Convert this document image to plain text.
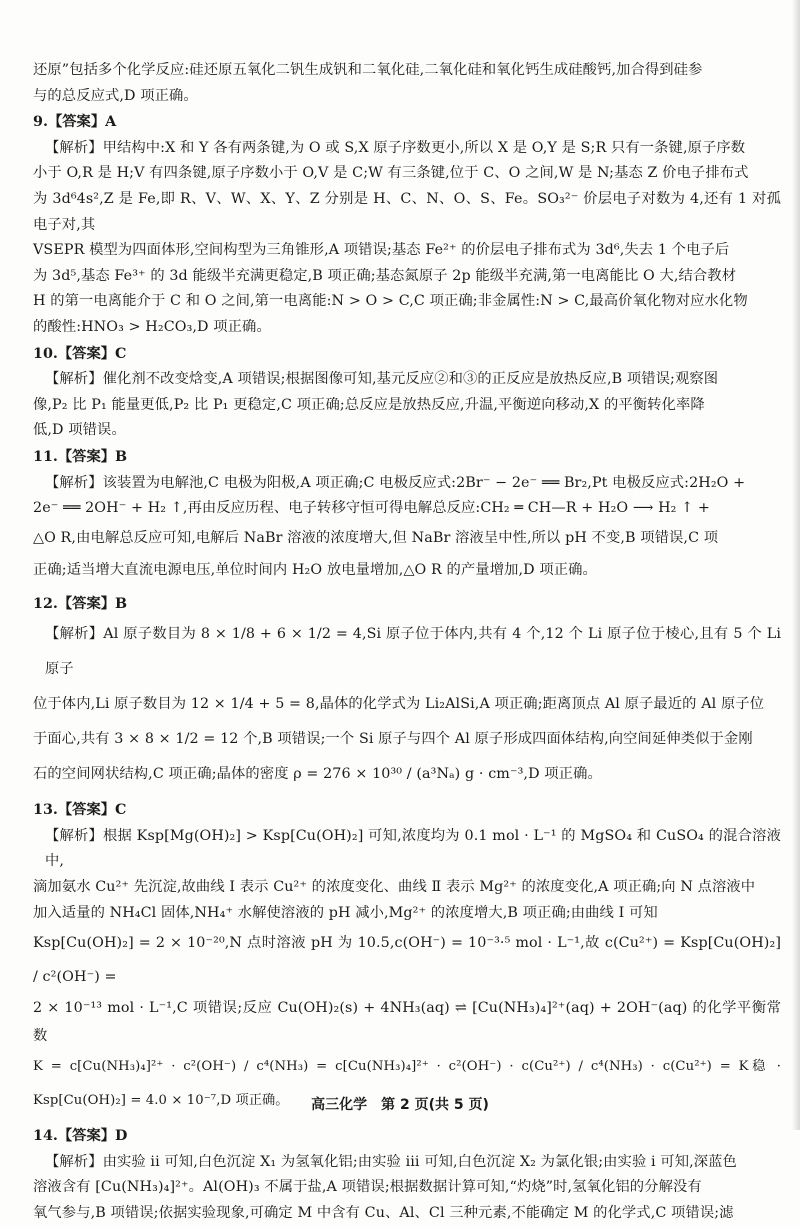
还原”包括多个化学反应:硅还原五氧化二钒生成钒和二氧化硅,二氧化硅和氧化钙生成硅酸钙,加合得到硅参

与的总反应式,D 项正确。

9.【答案】A

【解析】甲结构中:X 和 Y 各有两条键,为 O 或 S,X 原子序数更小,所以 X 是 O,Y 是 S;R 只有一条键,原子序数

小于 O,R 是 H;V 有四条键,原子序数小于 O,V 是 C;W 有三条键,位于 C、O 之间,W 是 N;基态 Z 价电子排布式

为 3d⁶4s²,Z 是 Fe,即 R、V、W、X、Y、Z 分别是 H、C、N、O、S、Fe。SO₃²⁻ 价层电子对数为 4,还有 1 对孤电子对,其

VSEPR 模型为四面体形,空间构型为三角锥形,A 项错误;基态 Fe²⁺ 的价层电子排布式为 3d⁶,失去 1 个电子后

为 3d⁵,基态 Fe³⁺ 的 3d 能级半充满更稳定,B 项正确;基态氮原子 2p 能级半充满,第一电离能比 O 大,结合教材

H 的第一电离能介于 C 和 O 之间,第一电离能:N > O > C,C 项正确;非金属性:N > C,最高价氧化物对应水化物

的酸性:HNO₃ > H₂CO₃,D 项正确。

10.【答案】C

【解析】催化剂不改变焓变,A 项错误;根据图像可知,基元反应②和③的正反应是放热反应,B 项错误;观察图

像,P₂ 比 P₁ 能量更低,P₂ 比 P₁ 更稳定,C 项正确;总反应是放热反应,升温,平衡逆向移动,X 的平衡转化率降

低,D 项错误。

11.【答案】B

【解析】该装置为电解池,C 电极为阳极,A 项正确;C 电极反应式:2Br⁻ − 2e⁻ ══ Br₂,Pt 电极反应式:2H₂O +

2e⁻ ══ 2OH⁻ + H₂ ↑,再由反应历程、电子转移守恒可得电解总反应:CH₂ ═ CH—R + H₂O ⟶ H₂ ↑ +

△O R,由电解总反应可知,电解后 NaBr 溶液的浓度增大,但 NaBr 溶液呈中性,所以 pH 不变,B 项错误,C 项

正确;适当增大直流电源电压,单位时间内 H₂O 放电量增加,△O R 的产量增加,D 项正确。

12.【答案】B

【解析】Al 原子数目为 8 × 1/8 + 6 × 1/2 = 4,Si 原子位于体内,共有 4 个,12 个 Li 原子位于棱心,且有 5 个 Li 原子

位于体内,Li 原子数目为 12 × 1/4 + 5 = 8,晶体的化学式为 Li₂AlSi,A 项正确;距离顶点 Al 原子最近的 Al 原子位

于面心,共有 3 × 8 × 1/2 = 12 个,B 项错误;一个 Si 原子与四个 Al 原子形成四面体结构,向空间延伸类似于金刚

石的空间网状结构,C 项正确;晶体的密度 ρ = 276 × 10³⁰ / (a³Nₐ) g · cm⁻³,D 项正确。

13.【答案】C

【解析】根据 Ksp[Mg(OH)₂] > Ksp[Cu(OH)₂] 可知,浓度均为 0.1 mol · L⁻¹ 的 MgSO₄ 和 CuSO₄ 的混合溶液中,

滴加氨水 Cu²⁺ 先沉淀,故曲线 Ⅰ 表示 Cu²⁺ 的浓度变化、曲线 Ⅱ 表示 Mg²⁺ 的浓度变化,A 项正确;向 N 点溶液中

加入适量的 NH₄Cl 固体,NH₄⁺ 水解使溶液的 pH 减小,Mg²⁺ 的浓度增大,B 项正确;由曲线 Ⅰ 可知

Ksp[Cu(OH)₂] = 2 × 10⁻²⁰,N 点时溶液 pH 为 10.5,c(OH⁻) = 10⁻³·⁵ mol · L⁻¹,故 c(Cu²⁺) = Ksp[Cu(OH)₂] / c²(OH⁻) =

2 × 10⁻¹³ mol · L⁻¹,C 项错误;反应 Cu(OH)₂(s) + 4NH₃(aq) ⇌ [Cu(NH₃)₄]²⁺(aq) + 2OH⁻(aq) 的化学平衡常数

K = c[Cu(NH₃)₄]²⁺ · c²(OH⁻) / c⁴(NH₃) = c[Cu(NH₃)₄]²⁺ · c²(OH⁻) · c(Cu²⁺) / c⁴(NH₃) · c(Cu²⁺) = K稳 · Ksp[Cu(OH)₂] = 4.0 × 10⁻⁷,D 项正确。

14.【答案】D

【解析】由实验 ii 可知,白色沉淀 X₁ 为氢氧化铝;由实验 iii 可知,白色沉淀 X₂ 为氯化银;由实验 i 可知,深蓝色

溶液含有 [Cu(NH₃)₄]²⁺。Al(OH)₃ 不属于盐,A 项错误;根据数据计算可知,“灼烧”时,氢氧化铝的分解没有

氧气参与,B 项错误;依据实验现象,可确定 M 中含有 Cu、Al、Cl 三种元素,不能确定 M 的化学式,C 项错误;滤

高三化学　第 2 页(共 5 页)
